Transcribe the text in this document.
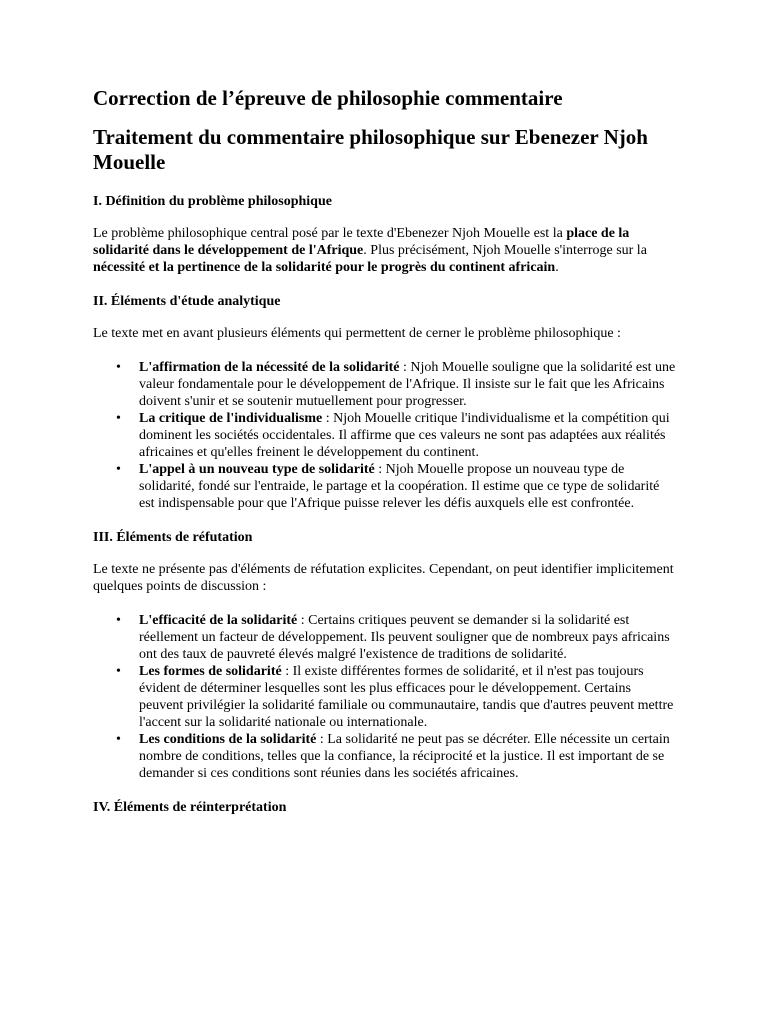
Correction de l’épreuve de philosophie commentaire
Traitement du commentaire philosophique sur Ebenezer Njoh Mouelle
I. Définition du problème philosophique

Le problème philosophique central posé par le texte d'Ebenezer Njoh Mouelle est la place de la solidarité dans le développement de l'Afrique. Plus précisément, Njoh Mouelle s'interroge sur la nécessité et la pertinence de la solidarité pour le progrès du continent africain.

II. Éléments d'étude analytique

Le texte met en avant plusieurs éléments qui permettent de cerner le problème philosophique :

• L'affirmation de la nécessité de la solidarité : Njoh Mouelle souligne que la solidarité est une valeur fondamentale pour le développement de l'Afrique. Il insiste sur le fait que les Africains doivent s'unir et se soutenir mutuellement pour progresser.
• La critique de l'individualisme : Njoh Mouelle critique l'individualisme et la compétition qui dominent les sociétés occidentales. Il affirme que ces valeurs ne sont pas adaptées aux réalités africaines et qu'elles freinent le développement du continent.
• L'appel à un nouveau type de solidarité : Njoh Mouelle propose un nouveau type de solidarité, fondé sur l'entraide, le partage et la coopération. Il estime que ce type de solidarité est indispensable pour que l'Afrique puisse relever les défis auxquels elle est confrontée.
III. Éléments de réfutation

Le texte ne présente pas d'éléments de réfutation explicites. Cependant, on peut identifier implicitement quelques points de discussion :

• L'efficacité de la solidarité : Certains critiques peuvent se demander si la solidarité est réellement un facteur de développement. Ils peuvent souligner que de nombreux pays africains ont des taux de pauvreté élevés malgré l'existence de traditions de solidarité.
• Les formes de solidarité : Il existe différentes formes de solidarité, et il n'est pas toujours évident de déterminer lesquelles sont les plus efficaces pour le développement. Certains peuvent privilégier la solidarité familiale ou communautaire, tandis que d'autres peuvent mettre l'accent sur la solidarité nationale ou internationale.
• Les conditions de la solidarité : La solidarité ne peut pas se décréter. Elle nécessite un certain nombre de conditions, telles que la confiance, la réciprocité et la justice. Il est important de se demander si ces conditions sont réunies dans les sociétés africaines.
IV. Éléments de réinterprétation
